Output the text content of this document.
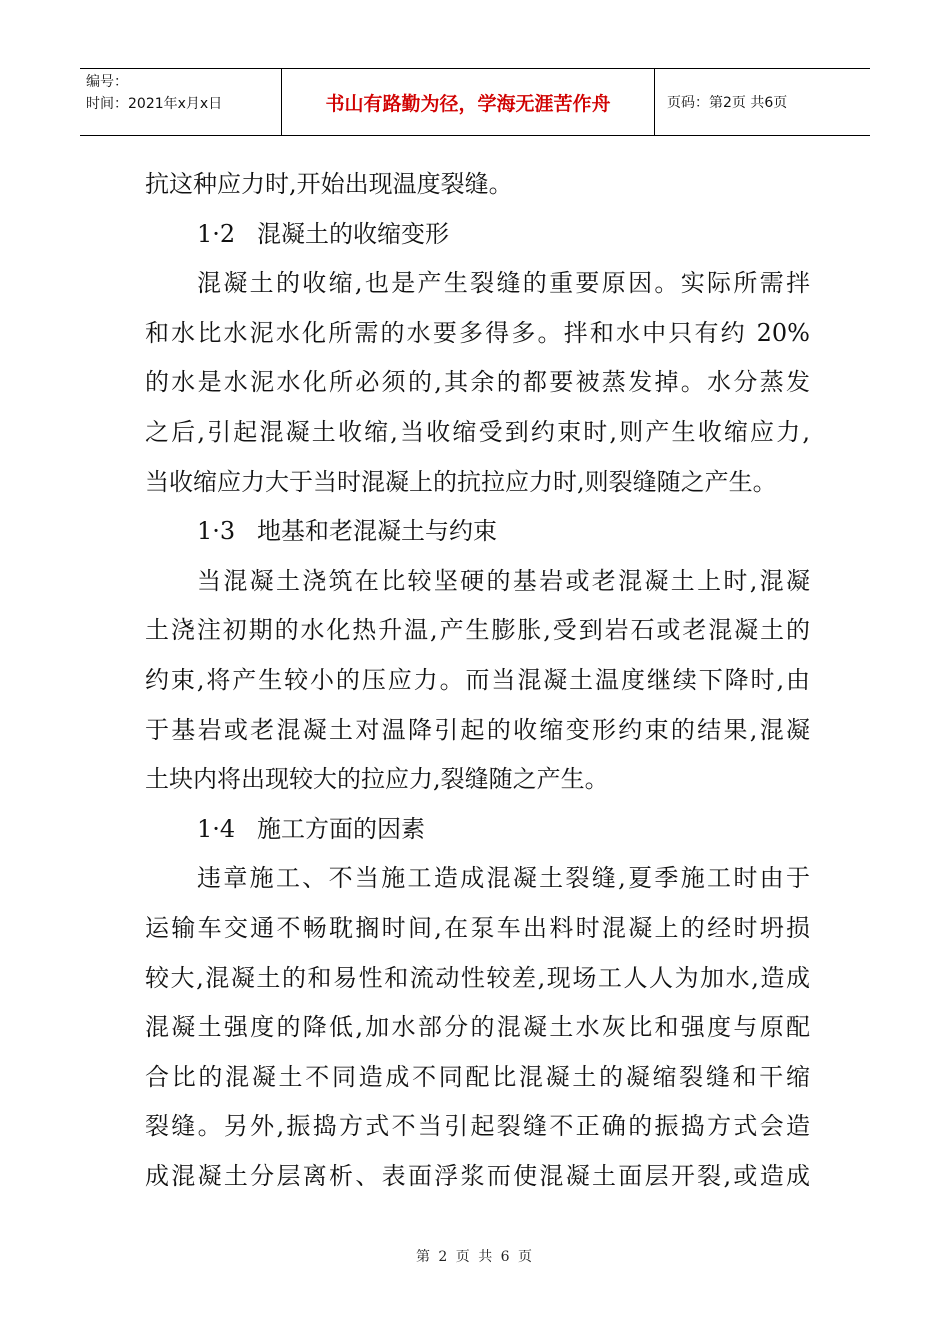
编号：
时间：2021年x月x日	书山有路勤为径，学海无涯苦作舟	页码：第2页 共6页
抗这种应力时,开始出现温度裂缝。
1·2 混凝土的收缩变形
混凝土的收缩,也是产生裂缝的重要原因。实际所需拌
和水比水泥水化所需的水要多得多。拌和水中只有约 20%
的水是水泥水化所必须的,其余的都要被蒸发掉。水分蒸发
之后,引起混凝土收缩,当收缩受到约束时,则产生收缩应力,
当收缩应力大于当时混凝上的抗拉应力时,则裂缝随之产生。
1·3 地基和老混凝土与约束
当混凝土浇筑在比较坚硬的基岩或老混凝土上时,混凝
土浇注初期的水化热升温,产生膨胀,受到岩石或老混凝土的
约束,将产生较小的压应力。而当混凝土温度继续下降时,由
于基岩或老混凝土对温降引起的收缩变形约束的结果,混凝
土块内将出现较大的拉应力,裂缝随之产生。
1·4 施工方面的因素
违章施工、不当施工造成混凝土裂缝,夏季施工时由于
运输车交通不畅耽搁时间,在泵车出料时混凝上的经时坍损
较大,混凝土的和易性和流动性较差,现场工人人为加水,造成
混凝土强度的降低,加水部分的混凝土水灰比和强度与原配
合比的混凝土不同造成不同配比混凝土的凝缩裂缝和干缩
裂缝。另外,振捣方式不当引起裂缝不正确的振捣方式会造
成混凝土分层离析、表面浮浆而使混凝土面层开裂,或造成
第 2 页 共 6 页
